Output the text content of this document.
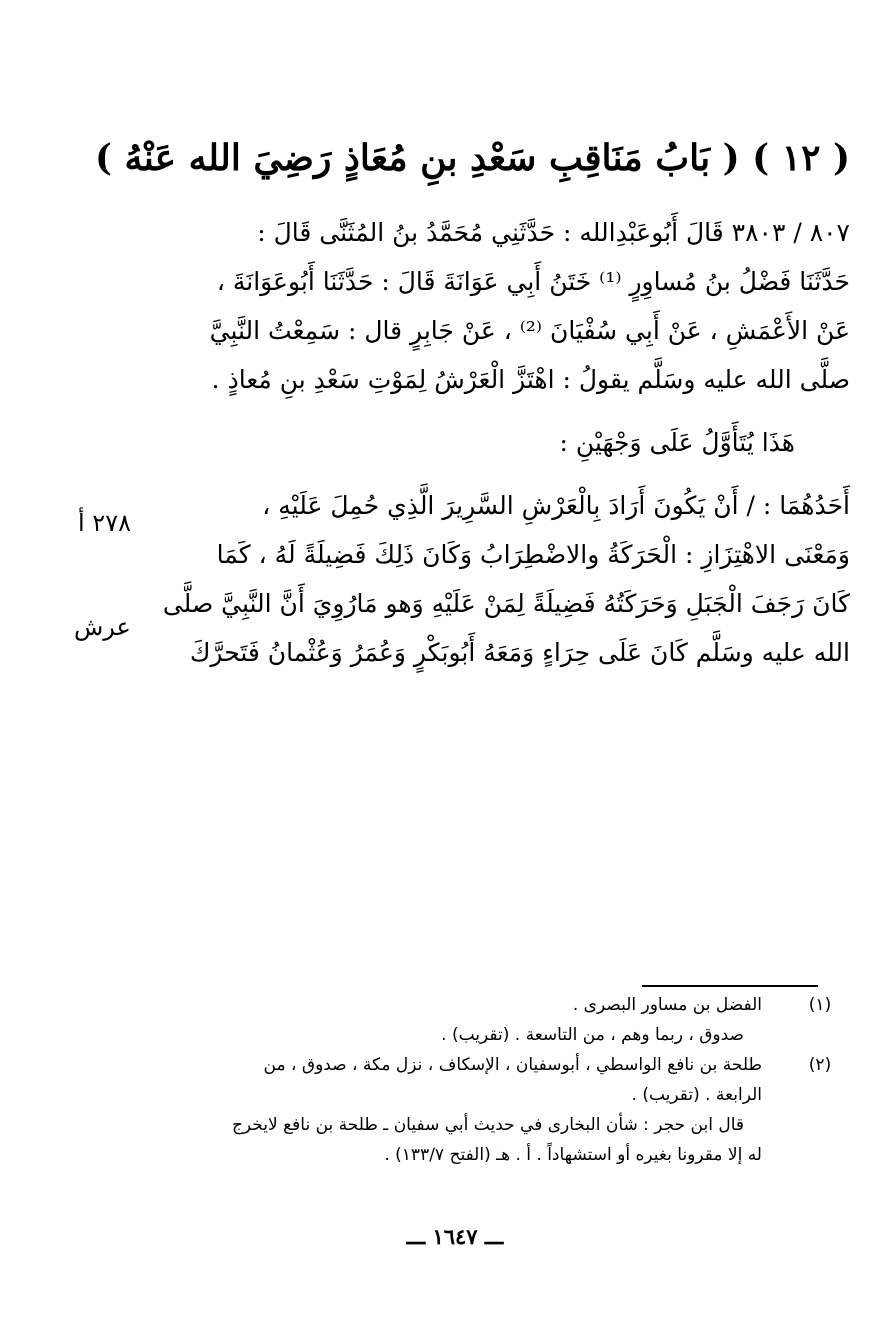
( ١٢ ) ( بَابُ مَنَاقِبِ سَعْدِ بنِ مُعَاذٍ رَضِيَ الله عَنْهُ )

٨٠٧ / ٣٨٠٣ قَالَ أَبُوعَبْدِالله : حَدَّثَنِي مُحَمَّدُ بنُ المُثَنَّى قَالَ :

حَدَّثَنَا فَضْلُ بنُ مُساوِرٍ ⁽¹⁾ خَتَنُ أَبِي عَوَانَةَ قَالَ : حَدَّثَنَا أَبُوعَوَانَةَ ،

عَنْ الأَعْمَشِ ، عَنْ أَبِي سُفْيَانَ ⁽²⁾ ، عَنْ جَابِرٍ قال : سَمِعْتُ النَّبِيَّ

صلَّى الله عليه وسَلَّم يقولُ : اهْتَزَّ الْعَرْشُ لِمَوْتِ سَعْدِ بنِ مُعاذٍ .

هَذَا يُتَأَوَّلُ عَلَى وَجْهَيْنِ :

أَحَدُهُمَا : / أَنْ يَكُونَ أَرَادَ بِالْعَرْشِ السَّرِيرَ الَّذِي حُمِلَ عَلَيْهِ ،

وَمَعْنَى الاهْتِزَازِ : الْحَرَكَةُ والاضْطِرَابُ وَكَانَ ذَلِكَ فَضِيلَةً لَهُ ، كَمَا

كَانَ رَجَفَ الْجَبَلِ وَحَرَكَتُهُ فَضِيلَةً لِمَنْ عَلَيْهِ وَهو مَارُوِيَ أَنَّ النَّبِيَّ صلَّى

الله عليه وسَلَّم كَانَ عَلَى حِرَاءٍ وَمَعَهُ أَبُوبَكْرٍ وَعُمَرُ وَعُثْمانُ فَتَحرَّكَ

٢٧٨ أ
عرش
(١)
الفضل بن مساور البصرى .
صدوق ، ربما وهم ، من التاسعة . (تقريب) .
(٢)
طلحة بن نافع الواسطي ، أبوسفيان ، الإسكاف ، نزل مكة ، صدوق ، من
الرابعة . (تقريب) .
قال ابن حجر : شأن البخارى في حديث أبي سفيان ـ طلحة بن نافع لايخرج
له إلا مقرونا بغيره أو استشهاداً . أ . هـ (الفتح ١٣٣/٧) .
ـــ ١٦٤٧ ـــ
